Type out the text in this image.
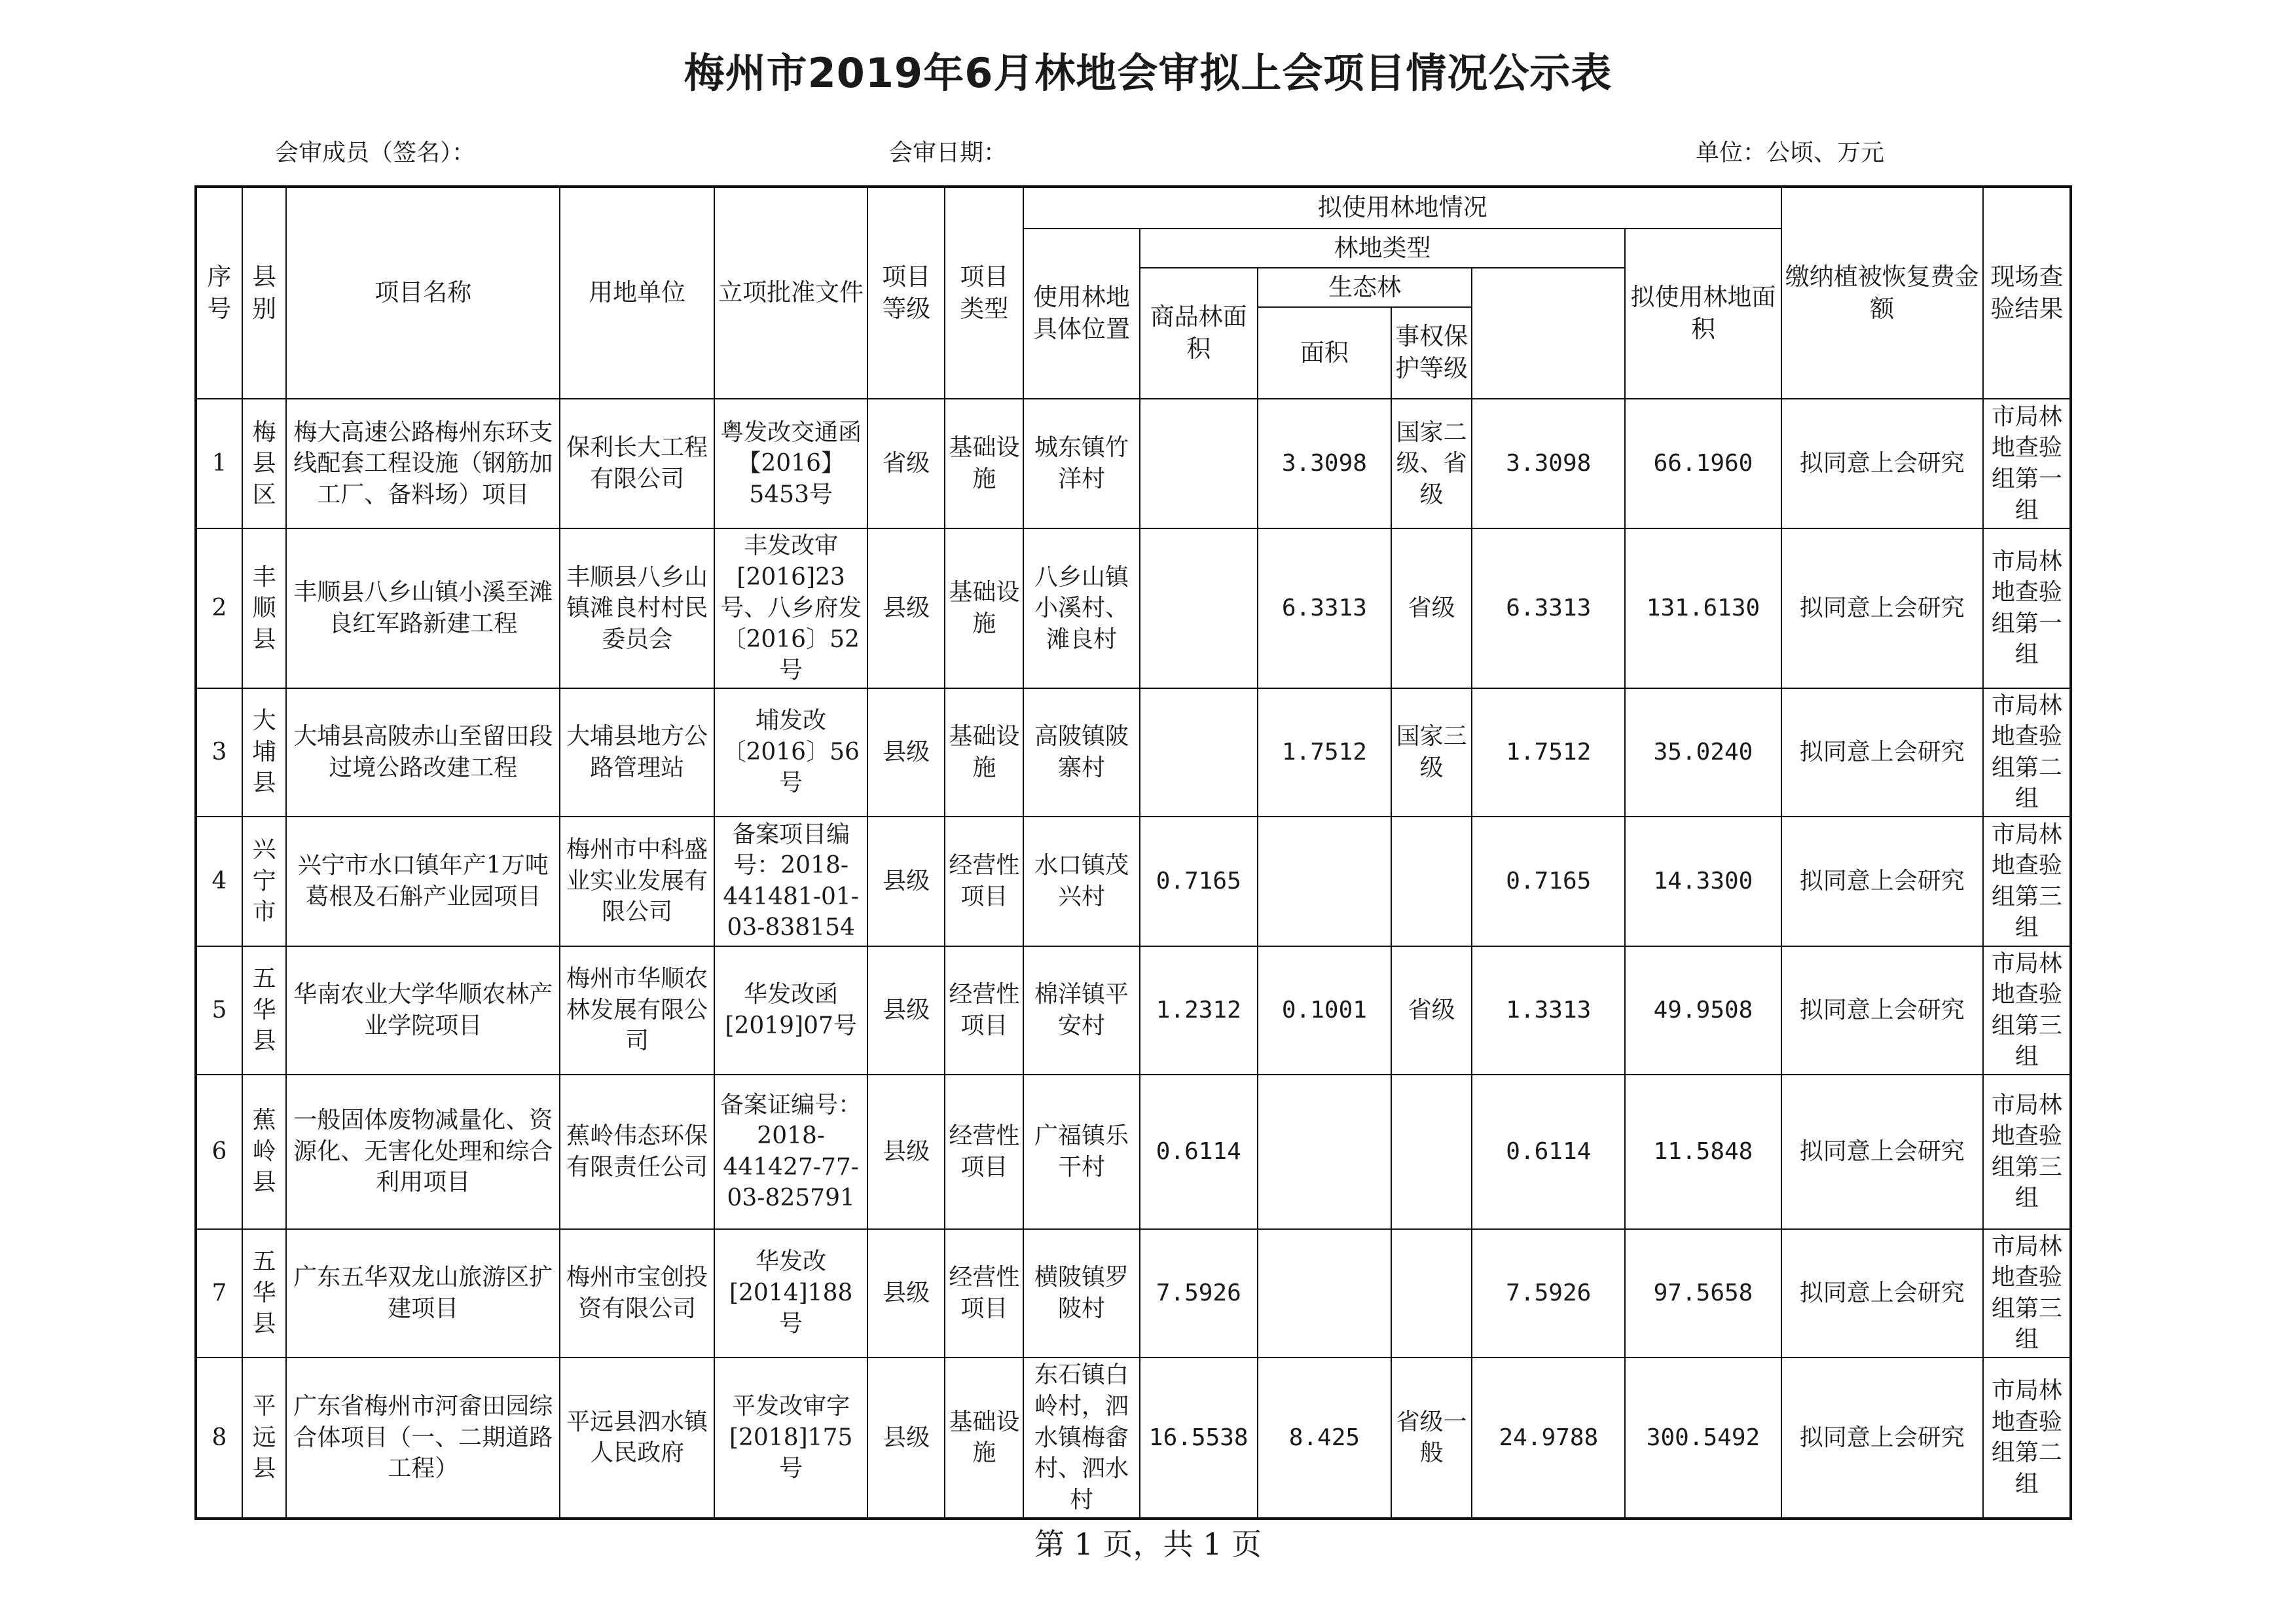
梅州市2019年6月林地会审拟上会项目情况公示表
会审成员（签名）：	会审日期：	单位：公顷、万元
序号	县别	项目名称	用地单位	立项批准文件	项目等级	项目类型	拟使用林地情况						缴纳植被恢复费金额	现场查验结果	
							使用林地具体位置	林地类型				拟使用林地面积			
								商品林面积	生态林						
									面积	事权保护等级					
1	梅县区	梅大高速公路梅州东环支线配套工程设施（钢筋加工厂、备料场）项目	保利长大工程有限公司	粤发改交通函【2016】5453号	省级	基础设施	城东镇竹洋村		3.3098	国家二级、省级	3.3098	66.1960	拟同意上会研究	市局林地查验组第一组	
2	丰顺县	丰顺县八乡山镇小溪至滩良红军路新建工程	丰顺县八乡山镇滩良村村民委员会	丰发改审[2016]23号、八乡府发〔2016〕52号	县级	基础设施	八乡山镇小溪村、滩良村		6.3313	省级	6.3313	131.6130	拟同意上会研究	市局林地查验组第一组	
3	大埔县	大埔县高陂赤山至留田段过境公路改建工程	大埔县地方公路管理站	埔发改〔2016〕56号	县级	基础设施	高陂镇陂寨村		1.7512	国家三级	1.7512	35.0240	拟同意上会研究	市局林地查验组第二组	
4	兴宁市	兴宁市水口镇年产1万吨葛根及石斛产业园项目	梅州市中科盛业实业发展有限公司	备案项目编号：2018-441481-01-03-838154	县级	经营性项目	水口镇茂兴村	0.7165			0.7165	14.3300	拟同意上会研究	市局林地查验组第三组	
5	五华县	华南农业大学华顺农林产业学院项目	梅州市华顺农林发展有限公司	华发改函[2019]07号	县级	经营性项目	棉洋镇平安村	1.2312	0.1001	省级	1.3313	49.9508	拟同意上会研究	市局林地查验组第三组	
6	蕉岭县	一般固体废物减量化、资源化、无害化处理和综合利用项目	蕉岭伟态环保有限责任公司	备案证编号：2018-441427-77-03-825791	县级	经营性项目	广福镇乐干村	0.6114			0.6114	11.5848	拟同意上会研究	市局林地查验组第三组	
7	五华县	广东五华双龙山旅游区扩建项目	梅州市宝创投资有限公司	华发改[2014]188号	县级	经营性项目	横陂镇罗陂村	7.5926			7.5926	97.5658	拟同意上会研究	市局林地查验组第三组	
8	平远县	广东省梅州市河畲田园综合体项目（一、二期道路工程）	平远县泗水镇人民政府	平发改审字[2018]175号	县级	基础设施	东石镇白岭村，泗水镇梅畲村、泗水村	16.5538	8.425	省级一般	24.9788	300.5492	拟同意上会研究	市局林地查验组第二组	
第 1 页，共 1 页
